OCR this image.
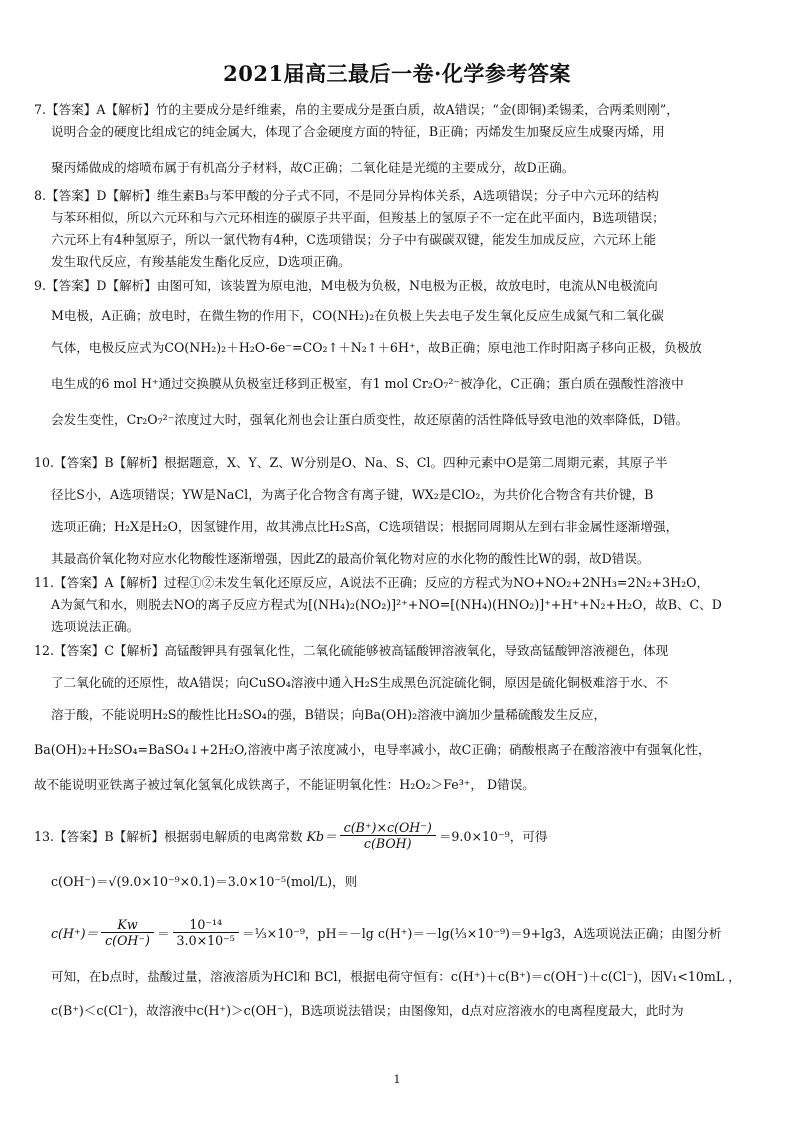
2021届高三最后一卷·化学参考答案
7.【答案】A【解析】竹的主要成分是纤维素，帛的主要成分是蛋白质，故A错误；“金(即铜)柔锡柔，合两柔则刚”，
说明合金的硬度比组成它的纯金属大，体现了合金硬度方面的特征，B正确；丙烯发生加聚反应生成聚丙烯，用
聚丙烯做成的熔喷布属于有机高分子材料，故C正确；二氧化硅是光缆的主要成分，故D正确。
8.【答案】D【解析】维生素B₃与苯甲酸的分子式不同，不是同分异构体关系，A选项错误；分子中六元环的结构
与苯环相似，所以六元环和与六元环相连的碳原子共平面，但羧基上的氢原子不一定在此平面内，B选项错误；
六元环上有4种氢原子，所以一氯代物有4种，C选项错误；分子中有碳碳双键，能发生加成反应，六元环上能
发生取代反应，有羧基能发生酯化反应，D选项正确。
9.【答案】D【解析】由图可知，该装置为原电池，M电极为负极，N电极为正极，故放电时，电流从N电极流向
M电极，A正确；放电时，在微生物的作用下，CO(NH₂)₂在负极上失去电子发生氧化反应生成氮气和二氧化碳
气体，电极反应式为CO(NH₂)₂＋H₂O-6e⁻=CO₂↑＋N₂↑＋6H⁺，故B正确；原电池工作时阳离子移向正极，负极放
电生成的6 mol H⁺通过交换膜从负极室迁移到正极室，有1 mol Cr₂O₇²⁻被净化，C正确；蛋白质在强酸性溶液中
会发生变性，Cr₂O₇²⁻浓度过大时，强氧化剂也会让蛋白质变性，故还原菌的活性降低导致电池的效率降低，D错。
10.【答案】B【解析】根据题意，X、Y、Z、W分别是O、Na、S、Cl。四种元素中O是第二周期元素，其原子半
径比S小，A选项错误；YW是NaCl，为离子化合物含有离子键，WX₂是ClO₂，为共价化合物含有共价键，B
选项正确；H₂X是H₂O，因氢键作用，故其沸点比H₂S高，C选项错误；根据同周期从左到右非金属性逐渐增强，
其最高价氧化物对应水化物酸性逐渐增强，因此Z的最高价氧化物对应的水化物的酸性比W的弱，故D错误。
11.【答案】A【解析】过程①②未发生氧化还原反应，A说法不正确；反应的方程式为NO+NO₂+2NH₃=2N₂+3H₂O，
A为氮气和水，则脱去NO的离子反应方程式为[(NH₄)₂(NO₂)]²⁺+NO=[(NH₄)(HNO₂)]⁺+H⁺+N₂+H₂O，故B、C、D
选项说法正确。
12.【答案】C【解析】高锰酸钾具有强氧化性，二氧化硫能够被高锰酸钾溶液氧化，导致高锰酸钾溶液褪色，体现
了二氧化硫的还原性，故A错误；向CuSO₄溶液中通入H₂S生成黑色沉淀硫化铜，原因是硫化铜极难溶于水、不
溶于酸，不能说明H₂S的酸性比H₂SO₄的强，B错误；向Ba(OH)₂溶液中滴加少量稀硫酸发生反应，
Ba(OH)₂+H₂SO₄=BaSO₄↓+2H₂O,溶液中离子浓度减小，电导率减小，故C正确；硝酸根离子在酸溶液中有强氧化性，
故不能说明亚铁离子被过氧化氢氧化成铁离子，不能证明氧化性：H₂O₂＞Fe³⁺， D错误。
13.【答案】B【解析】根据弱电解质的电离常数 $Kb= \frac{c(B^+)\times c(OH^-)}{\text{c(BOH)}} =9.0\times 10^{-9}$，可得
c(OH⁻)＝√(9.0×10⁻⁹×0.1)＝3.0×10⁻⁵(mol/L)，则
$c(H^+)= \frac{Kw}{c(OH^-)} = \frac{\text{10⁻¹⁴}}{\text{3.0×10⁻⁵}}$ ＝⅓×10⁻⁹，pH＝－lg c(H⁺)＝－lg(⅓×10⁻⁹)＝9+lg3，A选项说法正确；由图分析
可知，在b点时，盐酸过量，溶液溶质为HCl和 BCl，根据电荷守恒有：c(H⁺)＋c(B⁺)＝c(OH⁻)＋c(Cl⁻)，因V₁<10mL ，
c(B⁺)＜c(Cl⁻)，故溶液中c(H⁺)＞c(OH⁻)，B选项说法错误；由图像知，d点对应溶液水的电离程度最大，此时为
1
